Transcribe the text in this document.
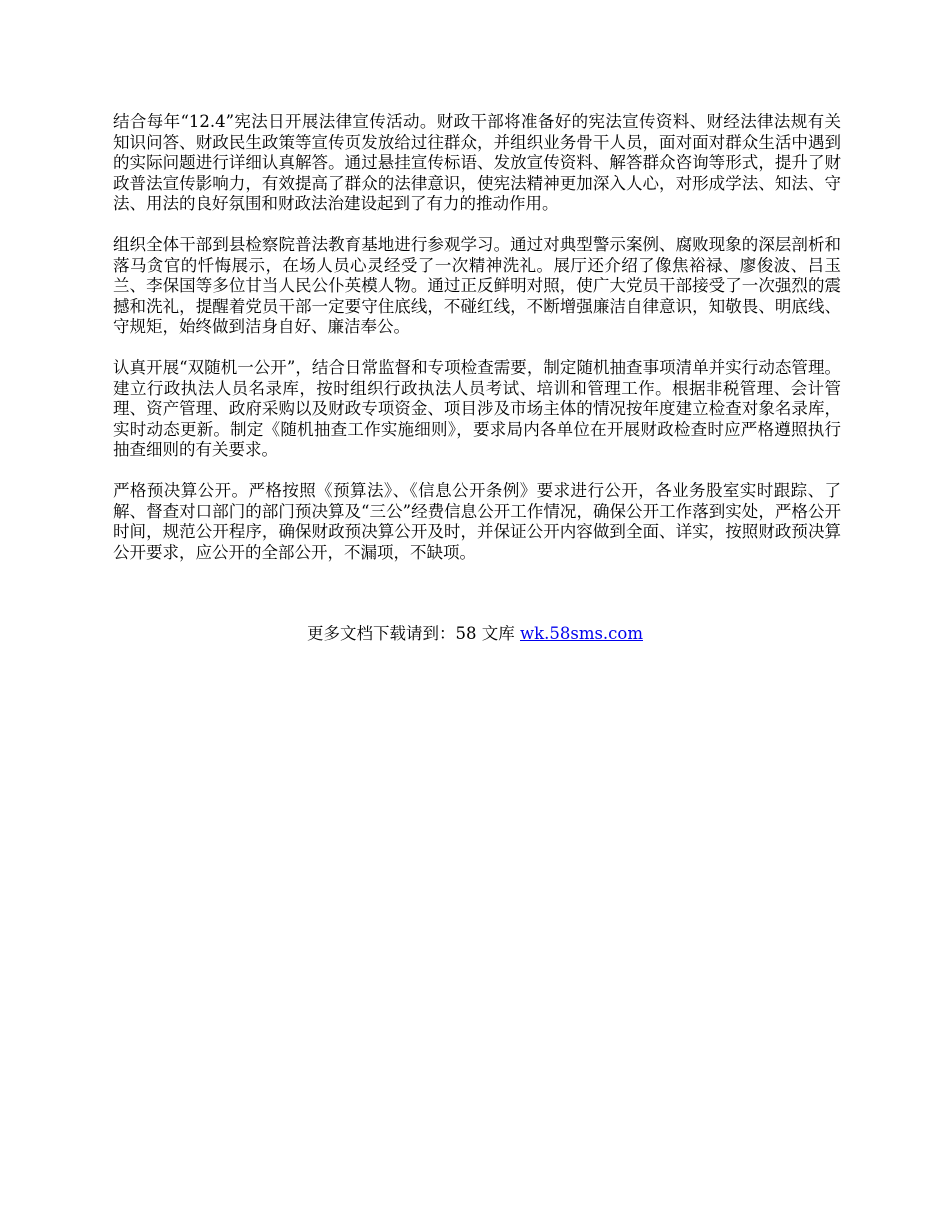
结合每年“12.4”宪法日开展法律宣传活动。财政干部将准备好的宪法宣传资料、财经法律法规有关知识问答、财政民生政策等宣传页发放给过往群众，并组织业务骨干人员，面对面对群众生活中遇到的实际问题进行详细认真解答。通过悬挂宣传标语、发放宣传资料、解答群众咨询等形式，提升了财政普法宣传影响力，有效提高了群众的法律意识，使宪法精神更加深入人心，对形成学法、知法、守法、用法的良好氛围和财政法治建设起到了有力的推动作用。

组织全体干部到县检察院普法教育基地进行参观学习。通过对典型警示案例、腐败现象的深层剖析和落马贪官的忏悔展示，在场人员心灵经受了一次精神洗礼。展厅还介绍了像焦裕禄、廖俊波、吕玉兰、李保国等多位甘当人民公仆英模人物。通过正反鲜明对照，使广大党员干部接受了一次强烈的震撼和洗礼，提醒着党员干部一定要守住底线，不碰红线，不断增强廉洁自律意识，知敬畏、明底线、守规矩，始终做到洁身自好、廉洁奉公。

认真开展“双随机一公开”，结合日常监督和专项检查需要，制定随机抽查事项清单并实行动态管理。建立行政执法人员名录库，按时组织行政执法人员考试、培训和管理工作。根据非税管理、会计管理、资产管理、政府采购以及财政专项资金、项目涉及市场主体的情况按年度建立检查对象名录库，实时动态更新。制定《随机抽查工作实施细则》，要求局内各单位在开展财政检查时应严格遵照执行抽查细则的有关要求。

严格预决算公开。严格按照《预算法》、《信息公开条例》要求进行公开，各业务股室实时跟踪、了解、督查对口部门的部门预决算及“三公”经费信息公开工作情况，确保公开工作落到实处，严格公开时间，规范公开程序，确保财政预决算公开及时，并保证公开内容做到全面、详实，按照财政预决算公开要求，应公开的全部公开，不漏项，不缺项。

更多文档下载请到：58 文库 wk.58sms.com
